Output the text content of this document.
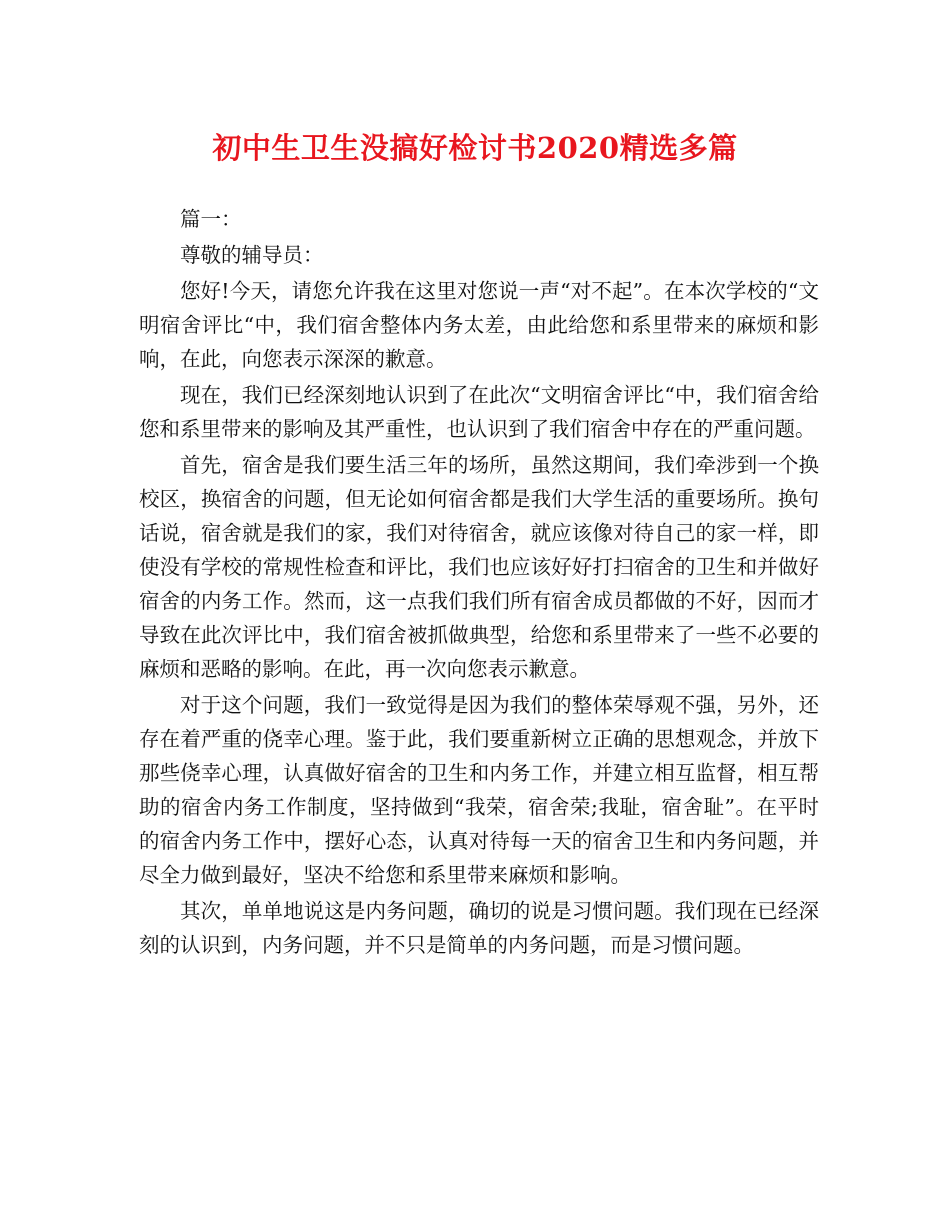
初中生卫生没搞好检讨书2020精选多篇

篇一：

尊敬的辅导员：

您好!今天，请您允许我在这里对您说一声“对不起”。在本次学校的“文明宿舍评比“中，我们宿舍整体内务太差，由此给您和系里带来的麻烦和影响，在此，向您表示深深的歉意。

现在，我们已经深刻地认识到了在此次“文明宿舍评比“中，我们宿舍给您和系里带来的影响及其严重性，也认识到了我们宿舍中存在的严重问题。

首先，宿舍是我们要生活三年的场所，虽然这期间，我们牵涉到一个换校区，换宿舍的问题，但无论如何宿舍都是我们大学生活的重要场所。换句话说，宿舍就是我们的家，我们对待宿舍，就应该像对待自己的家一样，即使没有学校的常规性检查和评比，我们也应该好好打扫宿舍的卫生和并做好宿舍的内务工作。然而，这一点我们我们所有宿舍成员都做的不好，因而才导致在此次评比中，我们宿舍被抓做典型，给您和系里带来了一些不必要的麻烦和恶略的影响。在此，再一次向您表示歉意。

对于这个问题，我们一致觉得是因为我们的整体荣辱观不强，另外，还存在着严重的侥幸心理。鉴于此，我们要重新树立正确的思想观念，并放下那些侥幸心理，认真做好宿舍的卫生和内务工作，并建立相互监督，相互帮助的宿舍内务工作制度，坚持做到“我荣，宿舍荣;我耻，宿舍耻”。在平时的宿舍内务工作中，摆好心态，认真对待每一天的宿舍卫生和内务问题，并尽全力做到最好，坚决不给您和系里带来麻烦和影响。

其次，单单地说这是内务问题，确切的说是习惯问题。我们现在已经深刻的认识到，内务问题，并不只是简单的内务问题，而是习惯问题。
